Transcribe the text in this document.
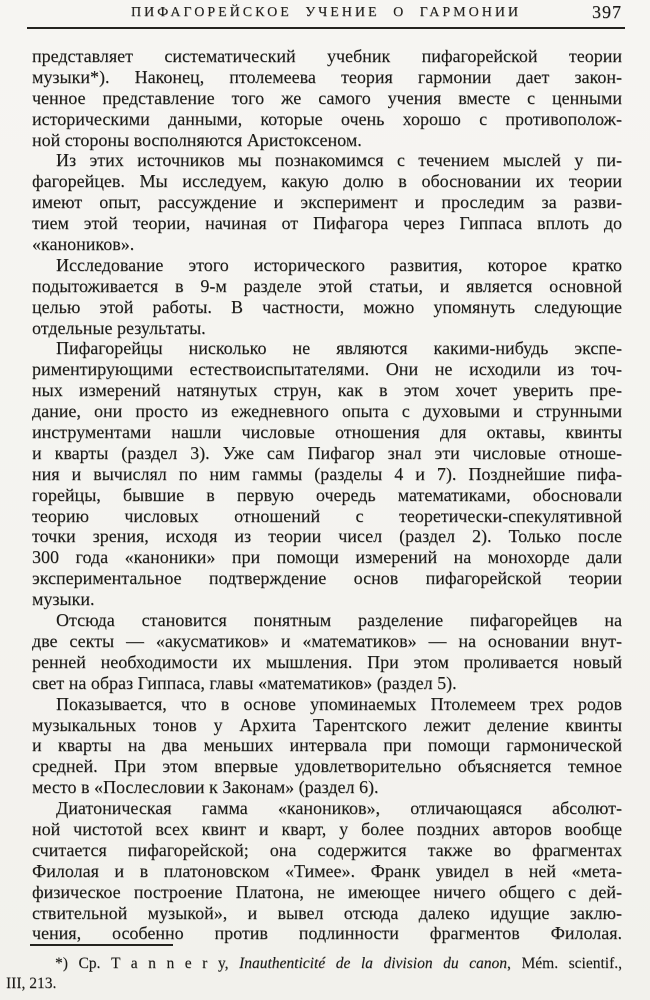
ПИФАГОРЕЙСКОЕ УЧЕНИЕ О ГАРМОНИИ	397
представляет систематический учебник пифагорейской теории
музыки*). Наконец, птолемеева теория гармонии дает закон-
ченное представление того же самого учения вместе с ценными
историческими данными, которые очень хорошо с противополож-
ной стороны восполняются Аристоксеном.
Из этих источников мы познакомимся с течением мыслей у пи-
фагорейцев. Мы исследуем, какую долю в обосновании их теории
имеют опыт, рассуждение и эксперимент и проследим за разви-
тием этой теории, начиная от Пифагора через Гиппаса вплоть до
«каноников».
Исследование этого исторического развития, которое кратко
подытоживается в 9-м разделе этой статьи, и является основной
целью этой работы. В частности, можно упомянуть следующие
отдельные результаты.
Пифагорейцы нисколько не являются какими-нибудь экспе-
риментирующими естествоиспытателями. Они не исходили из точ-
ных измерений натянутых струн, как в этом хочет уверить пре-
дание, они просто из ежедневного опыта с духовыми и струнными
инструментами нашли числовые отношения для октавы, квинты
и кварты (раздел 3). Уже сам Пифагор знал эти числовые отноше-
ния и вычислял по ним гаммы (разделы 4 и 7). Позднейшие пифа-
горейцы, бывшие в первую очередь математиками, обосновали
теорию числовых отношений с теоретически-спекулятивной
точки зрения, исходя из теории чисел (раздел 2). Только после
300 года «каноники» при помощи измерений на монохорде дали
экспериментальное подтверждение основ пифагорейской теории
музыки.
Отсюда становится понятным разделение пифагорейцев на
две секты — «акусматиков» и «математиков» — на основании внут-
ренней необходимости их мышления. При этом проливается новый
свет на образ Гиппаса, главы «математиков» (раздел 5).
Показывается, что в основе упоминаемых Птолемеем трех родов
музыкальных тонов у Архита Тарентского лежит деление квинты
и кварты на два меньших интервала при помощи гармонической
средней. При этом впервые удовлетворительно объясняется темное
место в «Послесловии к Законам» (раздел 6).
Диатоническая гамма «каноников», отличающаяся абсолют-
ной чистотой всех квинт и кварт, у более поздних авторов вообще
считается пифагорейской; она содержится также во фрагментах
Филолая и в платоновском «Тимее». Франк увидел в ней «мета-
физическое построение Платона, не имеющее ничего общего с дей-
ствительной музыкой», и вывел отсюда далеко идущие заклю-
чения, особенно против подлинности фрагментов Филолая.
*) Ср. T a n n e r y, Inauthenticité de la division du canon, Mém. scientif.,
III, 213.
